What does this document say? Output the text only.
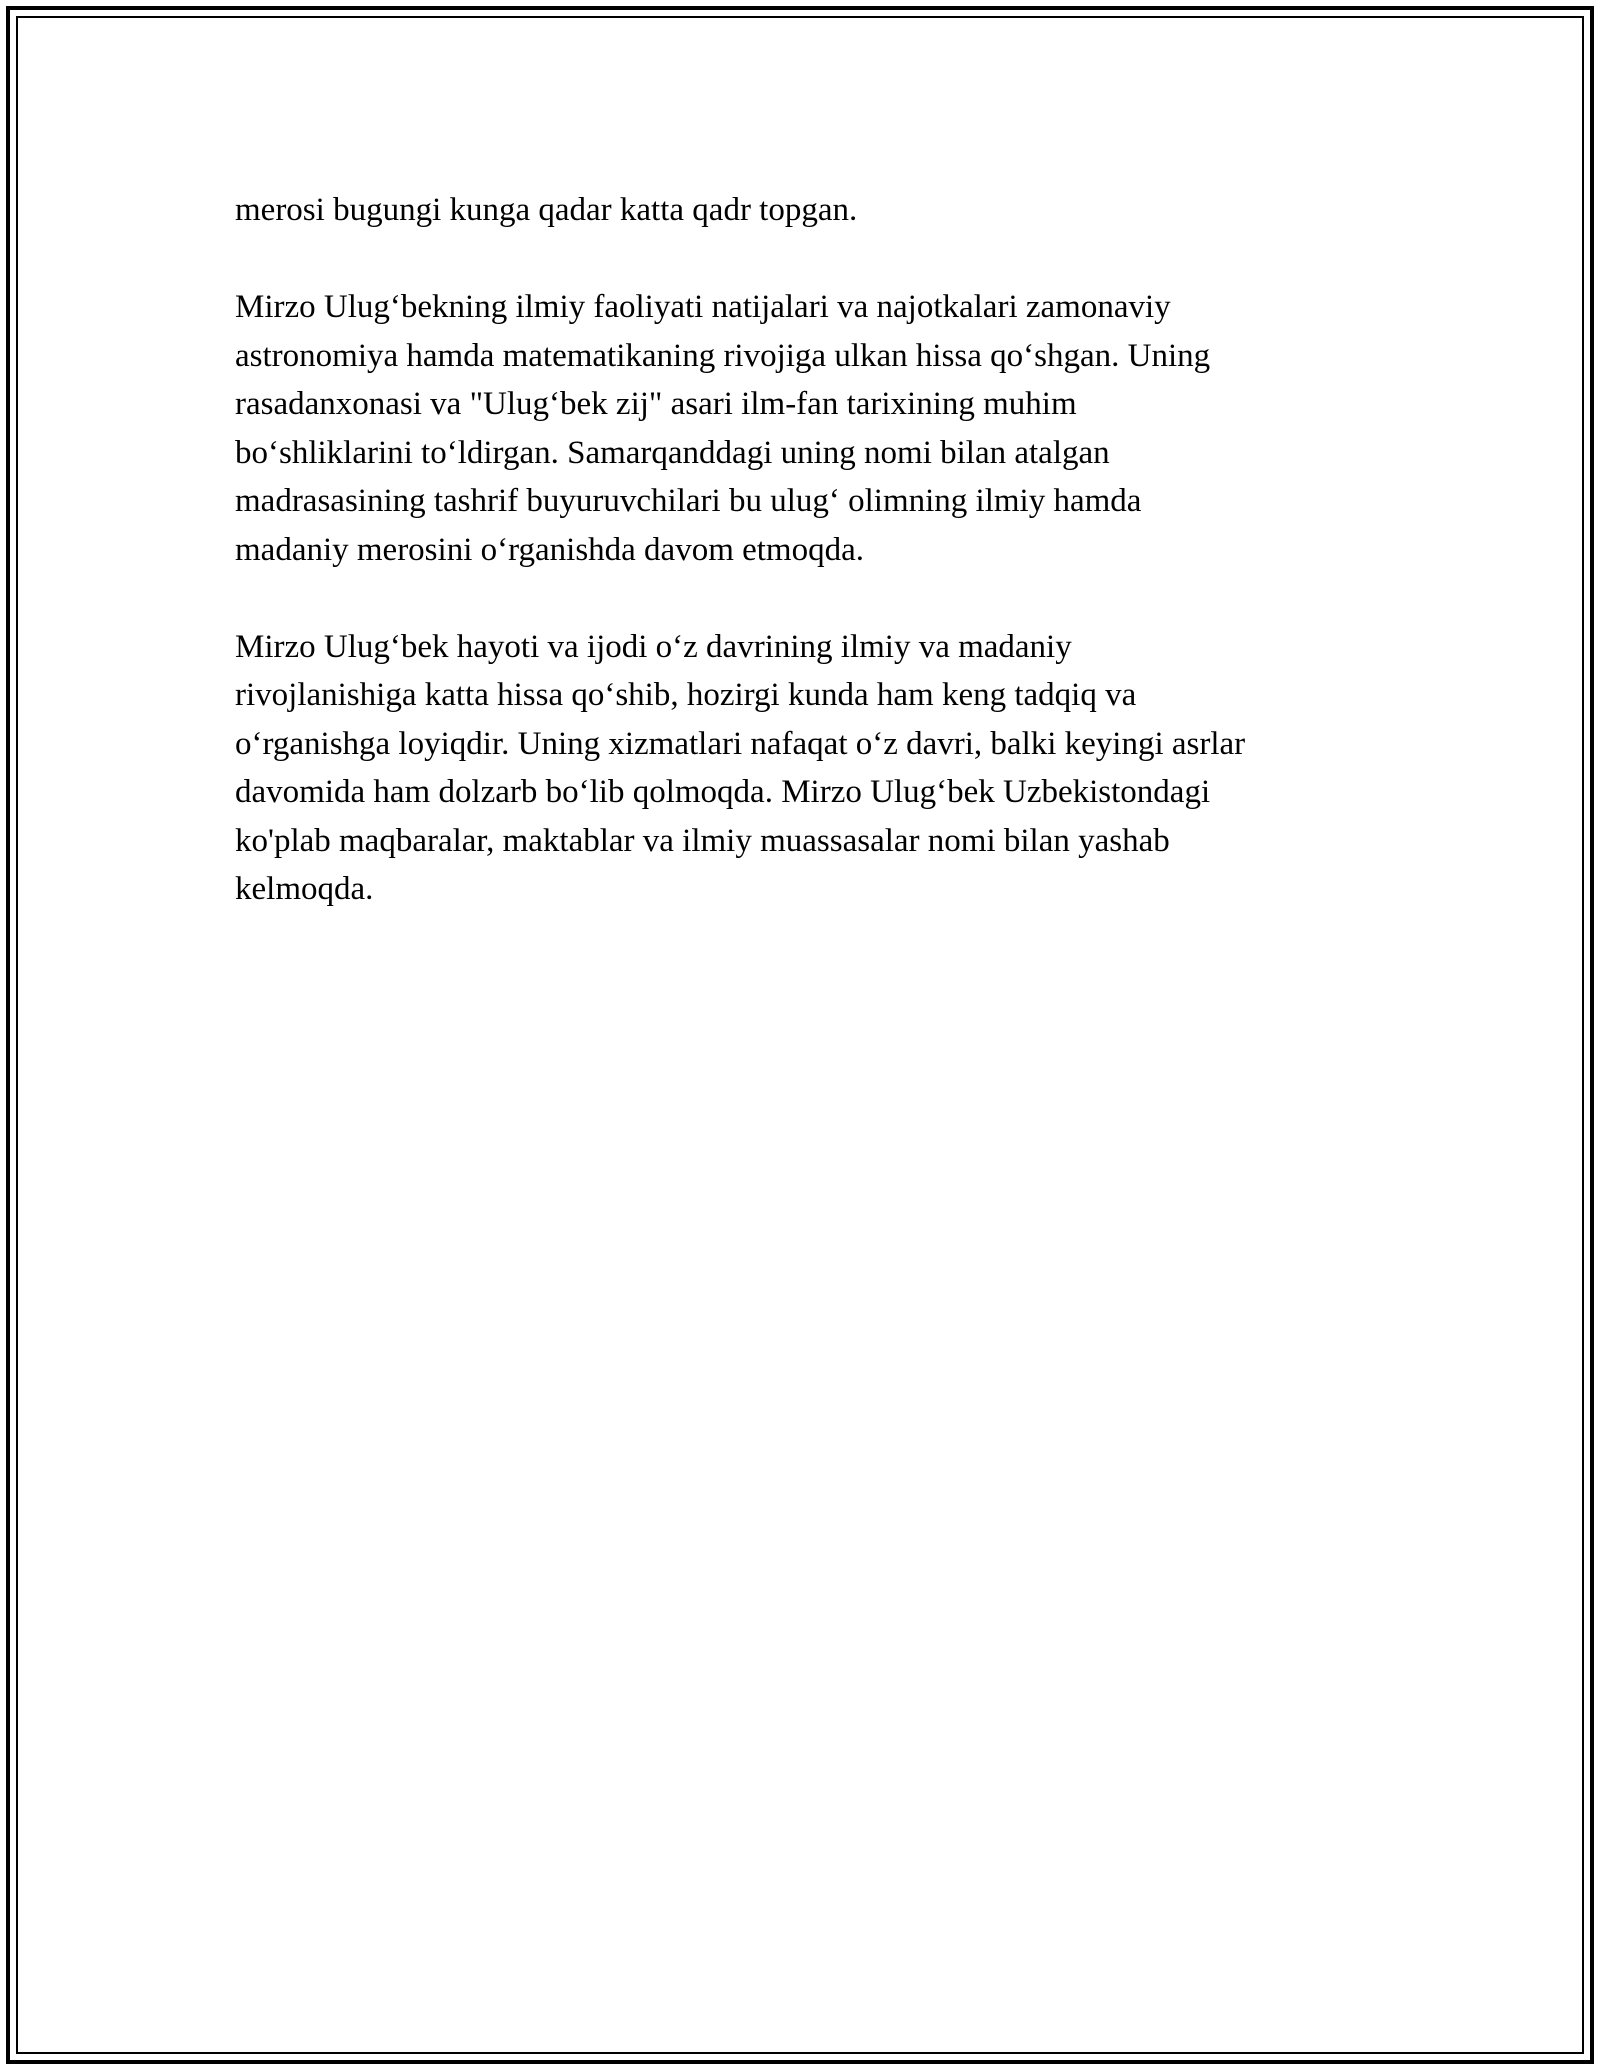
merosi bugungi kunga qadar katta qadr topgan.

Mirzo Ulug‘bekning ilmiy faoliyati natijalari va najotkalari zamonaviy
astronomiya hamda matematikaning rivojiga ulkan hissa qo‘shgan. Uning
rasadanxonasi va "Ulug‘bek zij" asari ilm-fan tarixining muhim
bo‘shliklarini to‘ldirgan. Samarqanddagi uning nomi bilan atalgan
madrasasining tashrif buyuruvchilari bu ulug‘ olimning ilmiy hamda
madaniy merosini o‘rganishda davom etmoqda.

Mirzo Ulug‘bek hayoti va ijodi o‘z davrining ilmiy va madaniy
rivojlanishiga katta hissa qo‘shib, hozirgi kunda ham keng tadqiq va
o‘rganishga loyiqdir. Uning xizmatlari nafaqat o‘z davri, balki keyingi asrlar
davomida ham dolzarb bo‘lib qolmoqda. Mirzo Ulug‘bek Uzbekistondagi
ko'plab maqbaralar, maktablar va ilmiy muassasalar nomi bilan yashab
kelmoqda.
